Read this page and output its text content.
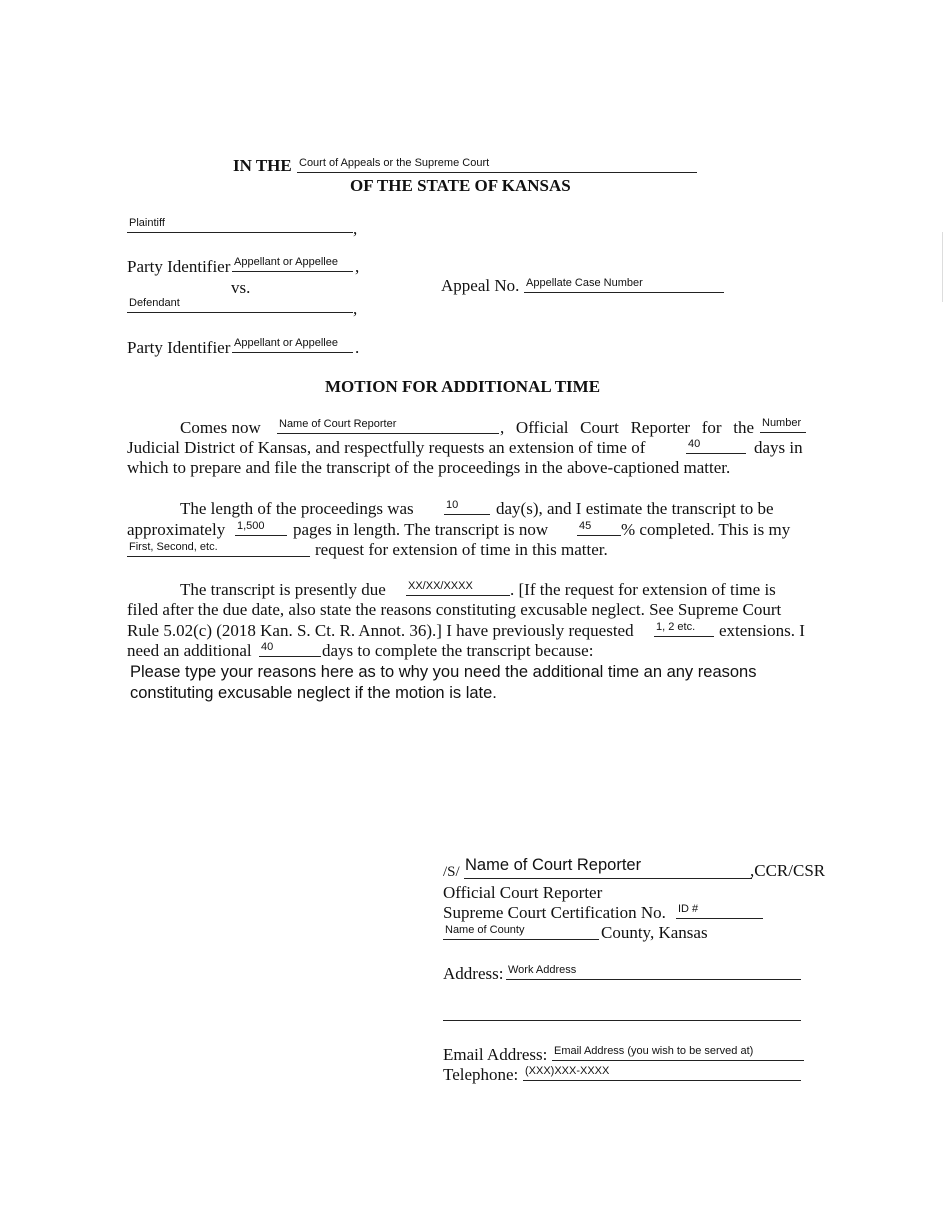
IN THE Court of Appeals or the Supreme Court
OF THE STATE OF KANSAS
Plaintiff	,
Party Identifier Appellant or Appellee ,
vs.	Appeal No. Appellate Case Number
Defendant	,
Party Identifier Appellant or Appellee .
MOTION FOR ADDITIONAL TIME
Comes now Name of Court Reporter	, Official Court Reporter for the Number
Judicial District of Kansas, and respectfully requests an extension of time of	40	days in
which to prepare and file the transcript of the proceedings in the above-captioned matter.
The length of the proceedings was	10 day(s), and I estimate the transcript to be
approximately 1,500 pages in length. The transcript is now	45 % completed. This is my
First, Second, etc.	request for extension of time in this matter.
The transcript is presently due XX/XX/XXXX . [If the request for extension of time is
filed after the due date, also state the reasons constituting excusable neglect. See Supreme Court
Rule 5.02(c) (2018 Kan. S. Ct. R. Annot. 36).] I have previously requested 1, 2 etc. extensions. I
need an additional 40	days to complete the transcript because:
Please type your reasons here as to why you need the additional time an any reasons constituting excusable neglect if the motion is late.
/S/ Name of Court Reporter	,CCR/CSR
Official Court Reporter
Supreme Court Certification No. ID #
Name of County	County, Kansas
Address: Work Address
Email Address: Email Address (you wish to be served at)
Telephone: (XXX)XXX-XXXX
